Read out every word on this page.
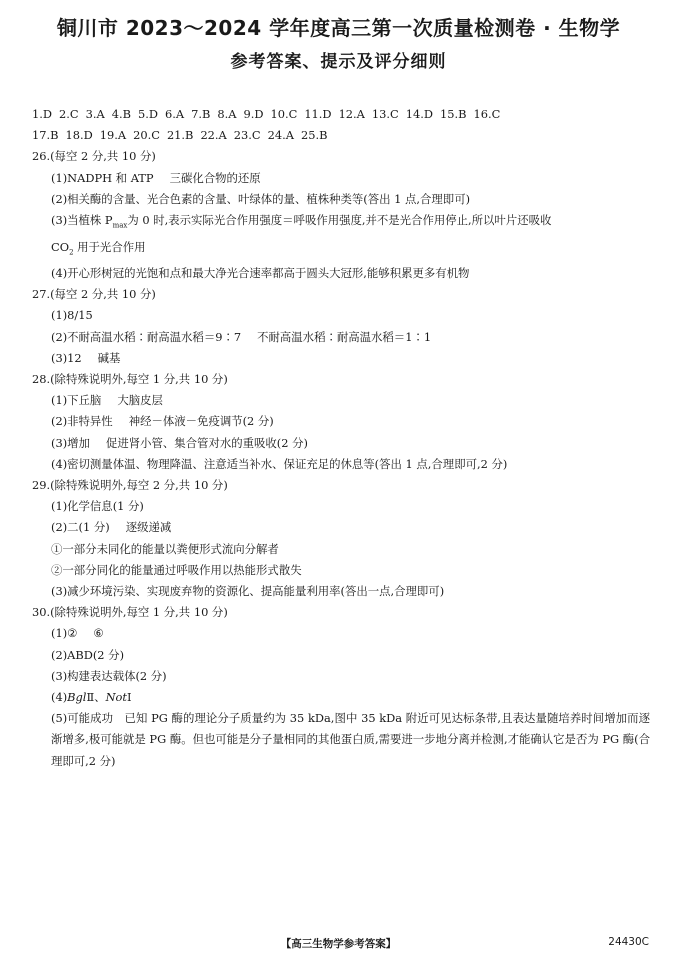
铜川市 2023～2024 学年度高三第一次质量检测卷 · 生物学
参考答案、提示及评分细则
1.D 2.C 3.A 4.B 5.D 6.A 7.B 8.A 9.D 10.C 11.D 12.A 13.C 14.D 15.B 16.C
17.B 18.D 19.A 20.C 21.B 22.A 23.C 24.A 25.B
26.(每空 2 分,共 10 分)
(1)NADPH 和 ATP 三碳化合物的还原
(2)相关酶的含量、光合色素的含量、叶绿体的量、植株种类等(答出 1 点,合理即可)
(3)当植株 $P_{max}$为 0 时,表示实际光合作用强度＝呼吸作用强度,并不是光合作用停止,所以叶片还吸收
$CO_2$ 用于光合作用
(4)开心形树冠的光饱和点和最大净光合速率都高于圆头大冠形,能够积累更多有机物
27.(每空 2 分,共 10 分)
(1)8/15
(2)不耐高温水稻∶耐高温水稻＝9∶7 不耐高温水稻∶耐高温水稻＝1∶1
(3)12 碱基
28.(除特殊说明外,每空 1 分,共 10 分)
(1)下丘脑 大脑皮层
(2)非特异性 神经－体液－免疫调节(2 分)
(3)增加 促进肾小管、集合管对水的重吸收(2 分)
(4)密切测量体温、物理降温、注意适当补水、保证充足的休息等(答出 1 点,合理即可,2 分)
29.(除特殊说明外,每空 2 分,共 10 分)
(1)化学信息(1 分)
(2)二(1 分) 逐级递减
①一部分未同化的能量以粪便形式流向分解者
②一部分同化的能量通过呼吸作用以热能形式散失
(3)减少环境污染、实现废弃物的资源化、提高能量利用率(答出一点,合理即可)
30.(除特殊说明外,每空 1 分,共 10 分)
(1)② ⑥
(2)ABD(2 分)
(3)构建表达载体(2 分)
(4)BglⅡ、NotⅠ
(5)可能成功　已知 PG 酶的理论分子质量约为 35 kDa,图中 35 kDa 附近可见达标条带,且表达量随培养时间增加而逐渐增多,极可能就是 PG 酶。但也可能是分子量相同的其他蛋白质,需要进一步地分离并检测,才能确认它是否为 PG 酶(合理即可,2 分)
【高三生物学参考答案】	24430C
